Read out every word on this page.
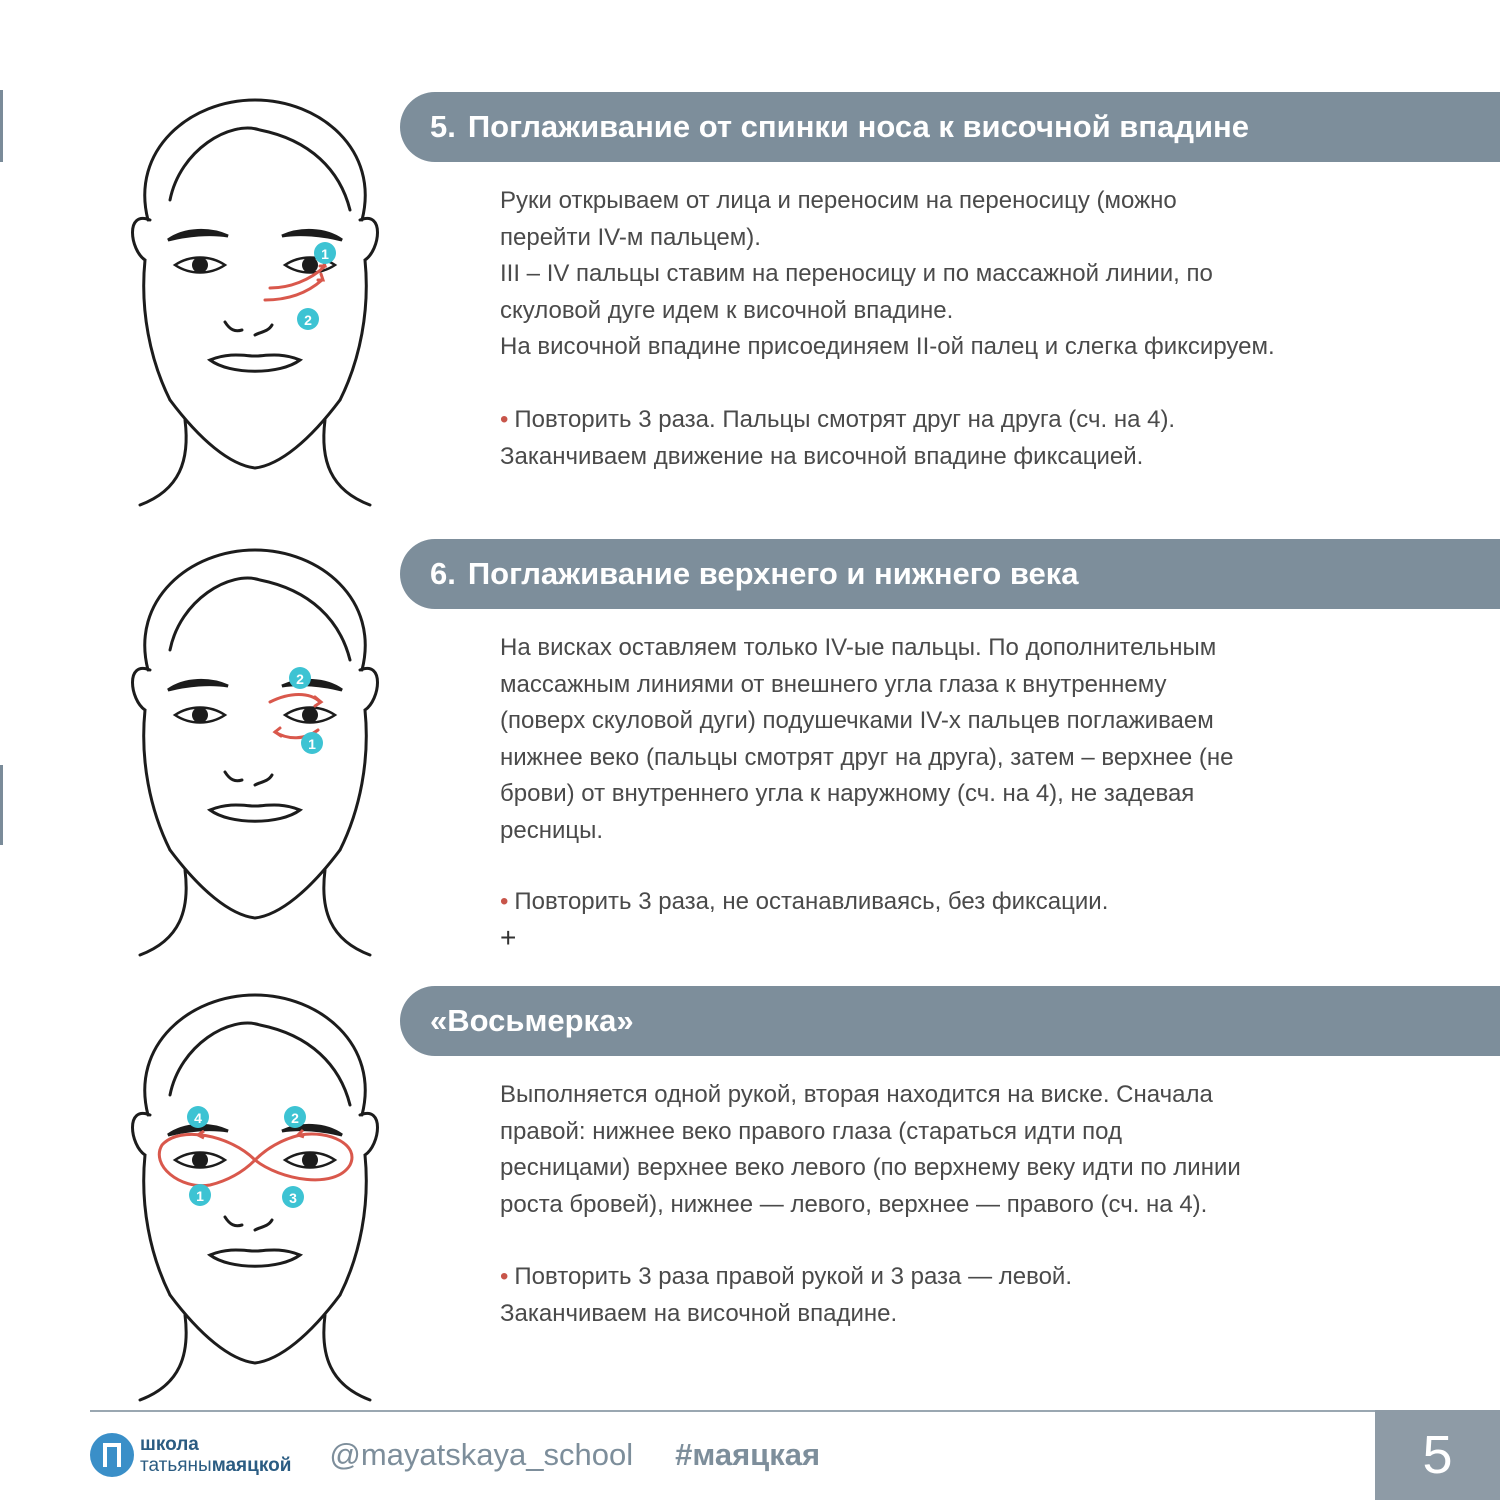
1
2
5. Поглаживание от спинки носа к височной впадине

Руки открываем от лица и переносим на переносицу (можно

перейти IV-м пальцем).

III – IV пальцы ставим на переносицу и по массажной линии, по

скуловой дуге идем к височной впадине.

На височной впадине присоединяем II-ой палец и слегка фиксируем.

• Повторить 3 раза. Пальцы смотрят друг на друга (сч. на 4).
Заканчиваем движение на височной впадине фиксацией.
2
1
6. Поглаживание верхнего и нижнего века

На висках оставляем только IV-ые пальцы. По дополнительным

массажным линиями от внешнего угла глаза к внутреннему

(поверх скуловой дуги) подушечками IV-х пальцев поглаживаем

нижнее веко (пальцы смотрят друг на друга), затем – верхнее (не

брови) от внутреннего угла к наружному (сч. на 4), не задевая

ресницы.

• Повторить 3 раза, не останавливаясь, без фиксации.
+
4	2
1	3
«Восьмерка»

Выполняется одной рукой, вторая находится на виске. Сначала

правой: нижнее веко правого глаза (стараться идти под

ресницами) верхнее веко левого (по верхнему веку идти по линии

роста бровей), нижнее — левого, верхнее — правого (сч. на 4).

• Повторить 3 раза правой рукой и 3 раза — левой.
Заканчиваем на височной впадине.
школа
татьянымаяцкой @mayatskaya_school #маяцкая	5
